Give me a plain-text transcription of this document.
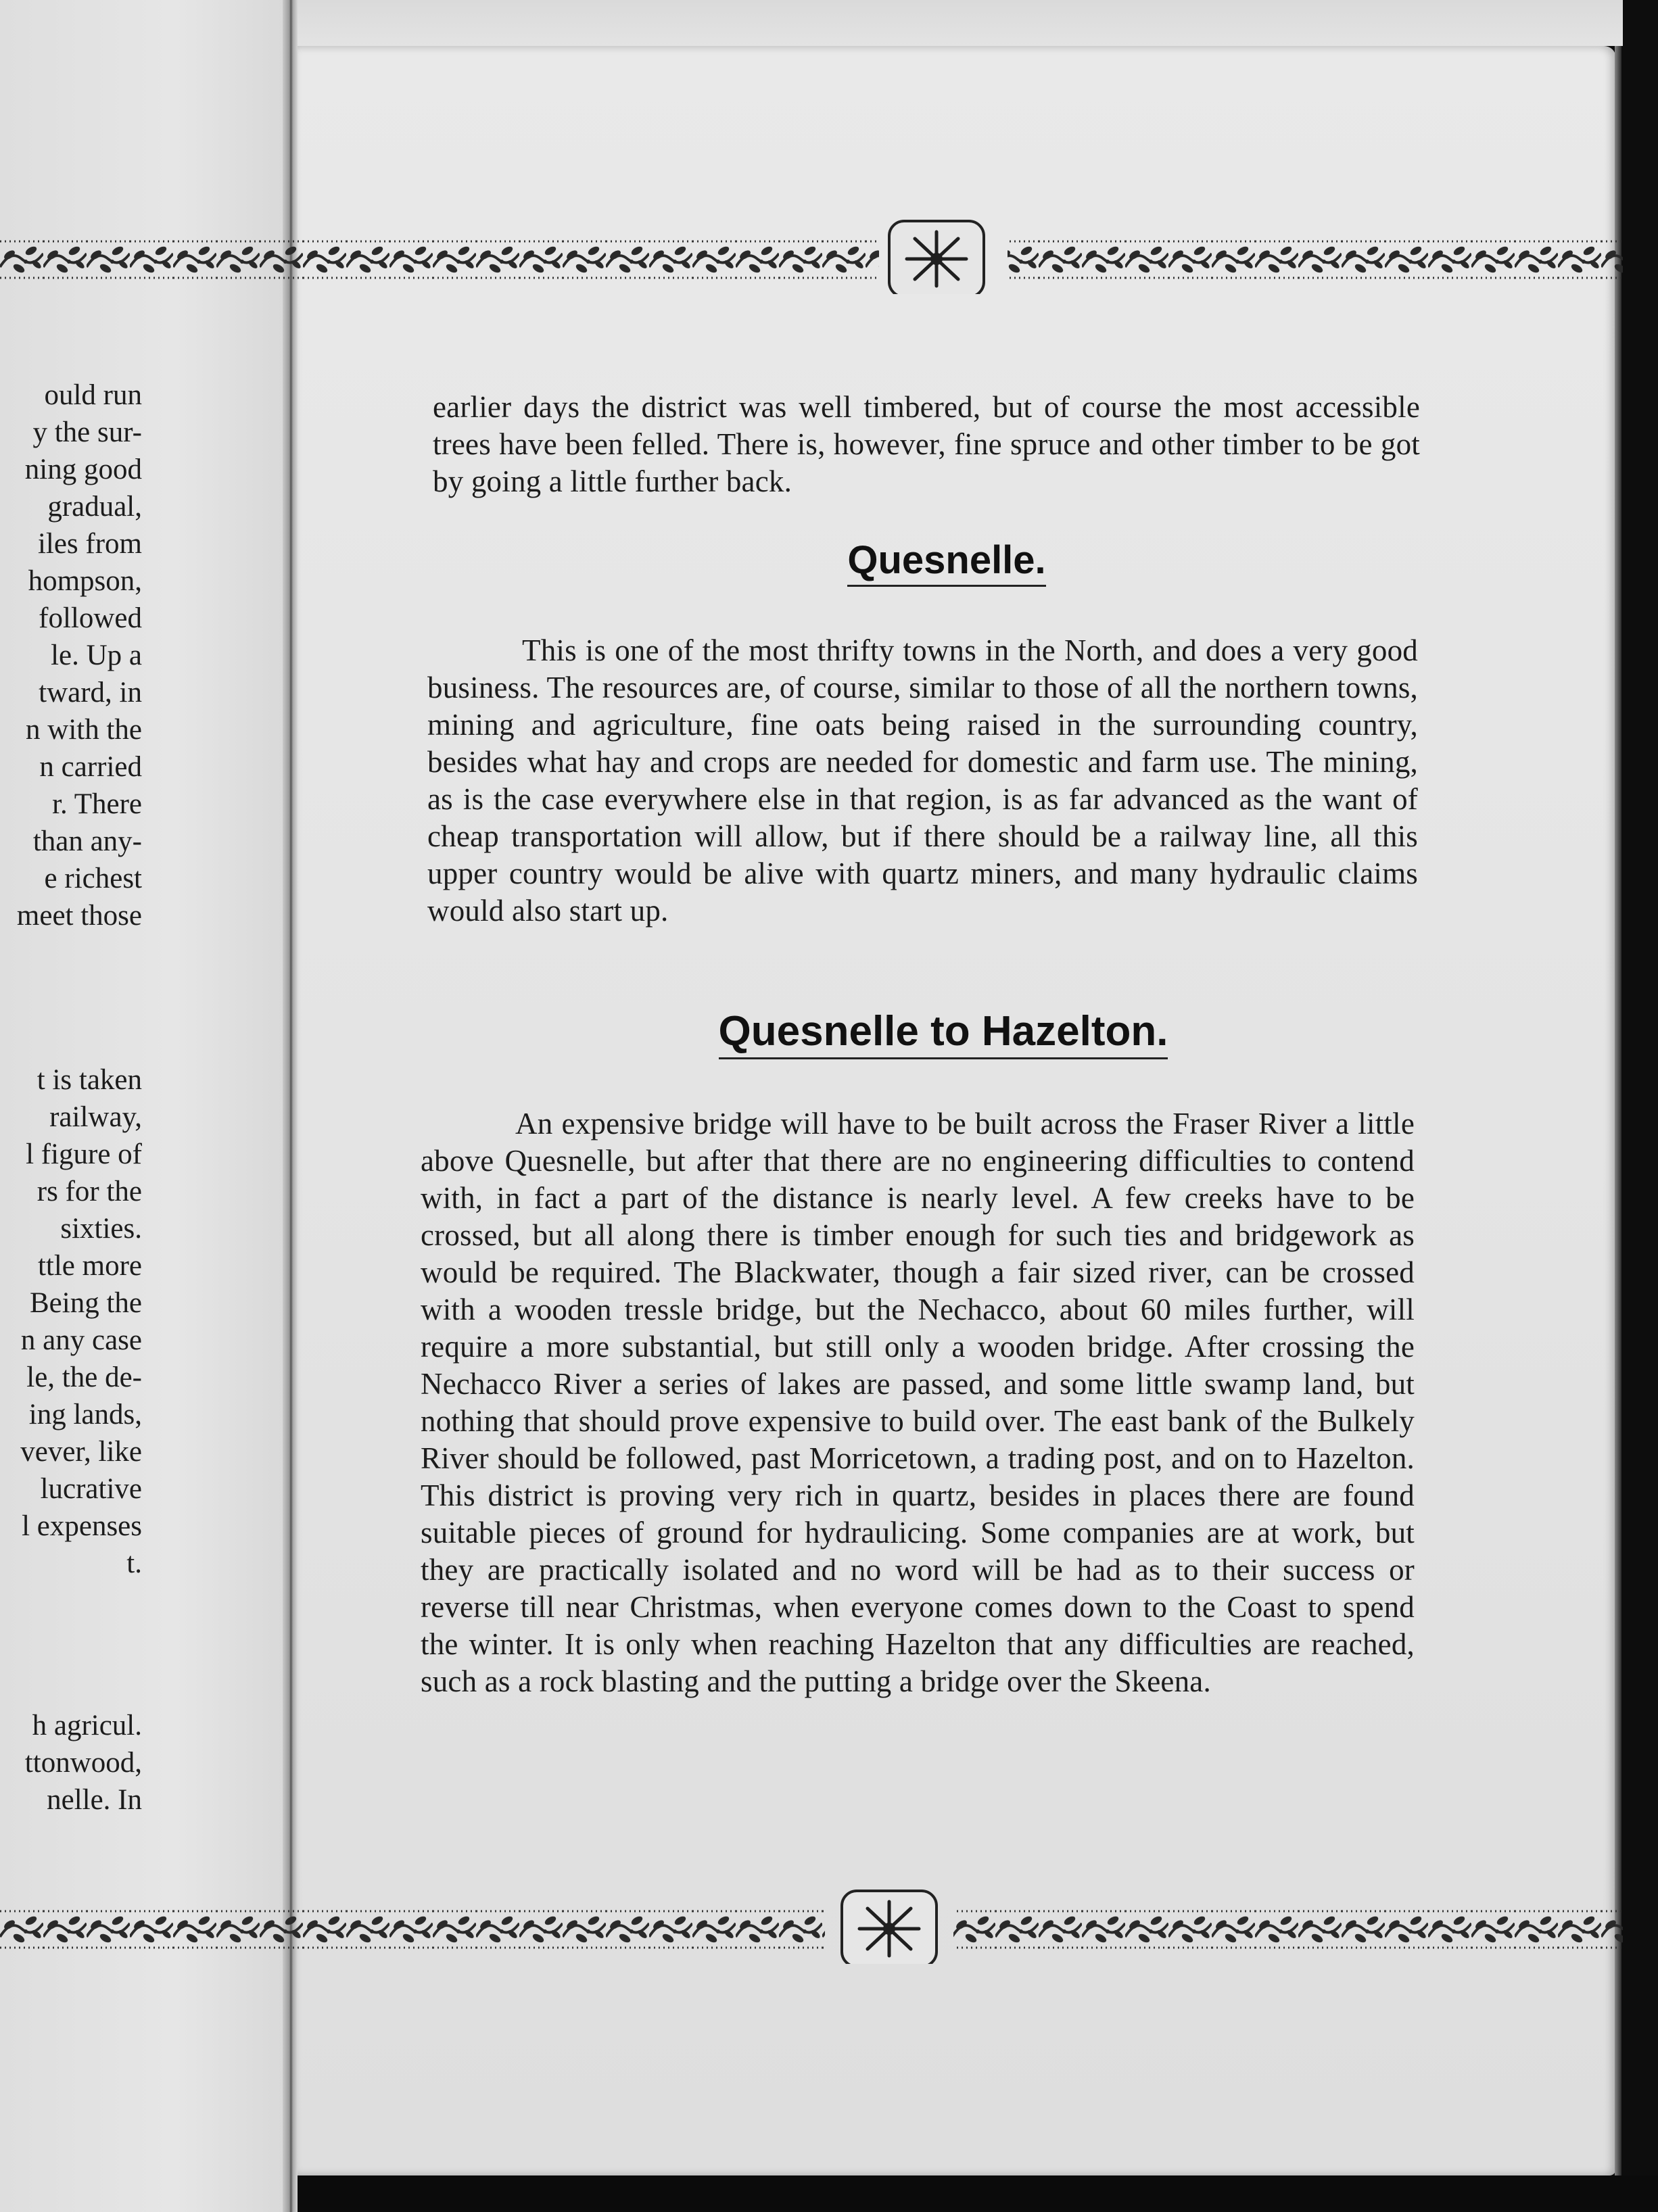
ould run
y the sur-
ning good
gradual,
iles from
hompson,
followed
le. Up a
tward, in
n with the
n carried
r. There
than any-
e richest
meet those
t is taken
railway,
l figure of
rs for the
sixties.
ttle more
Being the
n any case
le, the de-
ing lands,
vever, like
lucrative
l expenses
t.
h agricul.
ttonwood,
nelle. In

earlier days the district was well timbered, but of course the most accessible trees have been felled. There is, however, fine spruce and other timber to be got by going a little further back.

Quesnelle.

This is one of the most thrifty towns in the North, and does a very good business. The resources are, of course, similar to those of all the northern towns, mining and agriculture, fine oats being raised in the surrounding country, besides what hay and crops are needed for domestic and farm use. The mining, as is the case everywhere else in that region, is as far advanced as the want of cheap transportation will allow, but if there should be a railway line, all this upper country would be alive with quartz miners, and many hydraulic claims would also start up.

Quesnelle to Hazelton.

An expensive bridge will have to be built across the Fraser River a little above Quesnelle, but after that there are no engineering difficulties to contend with, in fact a part of the distance is nearly level. A few creeks have to be crossed, but all along there is timber enough for such ties and bridgework as would be required. The Blackwater, though a fair sized river, can be crossed with a wooden tressle bridge, but the Nechacco, about 60 miles further, will require a more substantial, but still only a wooden bridge. After crossing the Nechacco River a series of lakes are passed, and some little swamp land, but nothing that should prove expensive to build over. The east bank of the Bulkely River should be followed, past Morricetown, a trading post, and on to Hazelton. This district is proving very rich in quartz, besides in places there are found suitable pieces of ground for hydraulicing. Some companies are at work, but they are practically isolated and no word will be had as to their success or reverse till near Christmas, when everyone comes down to the Coast to spend the winter. It is only when reaching Hazelton that any difficulties are reached, such as a rock blasting and the putting a bridge over the Skeena.
